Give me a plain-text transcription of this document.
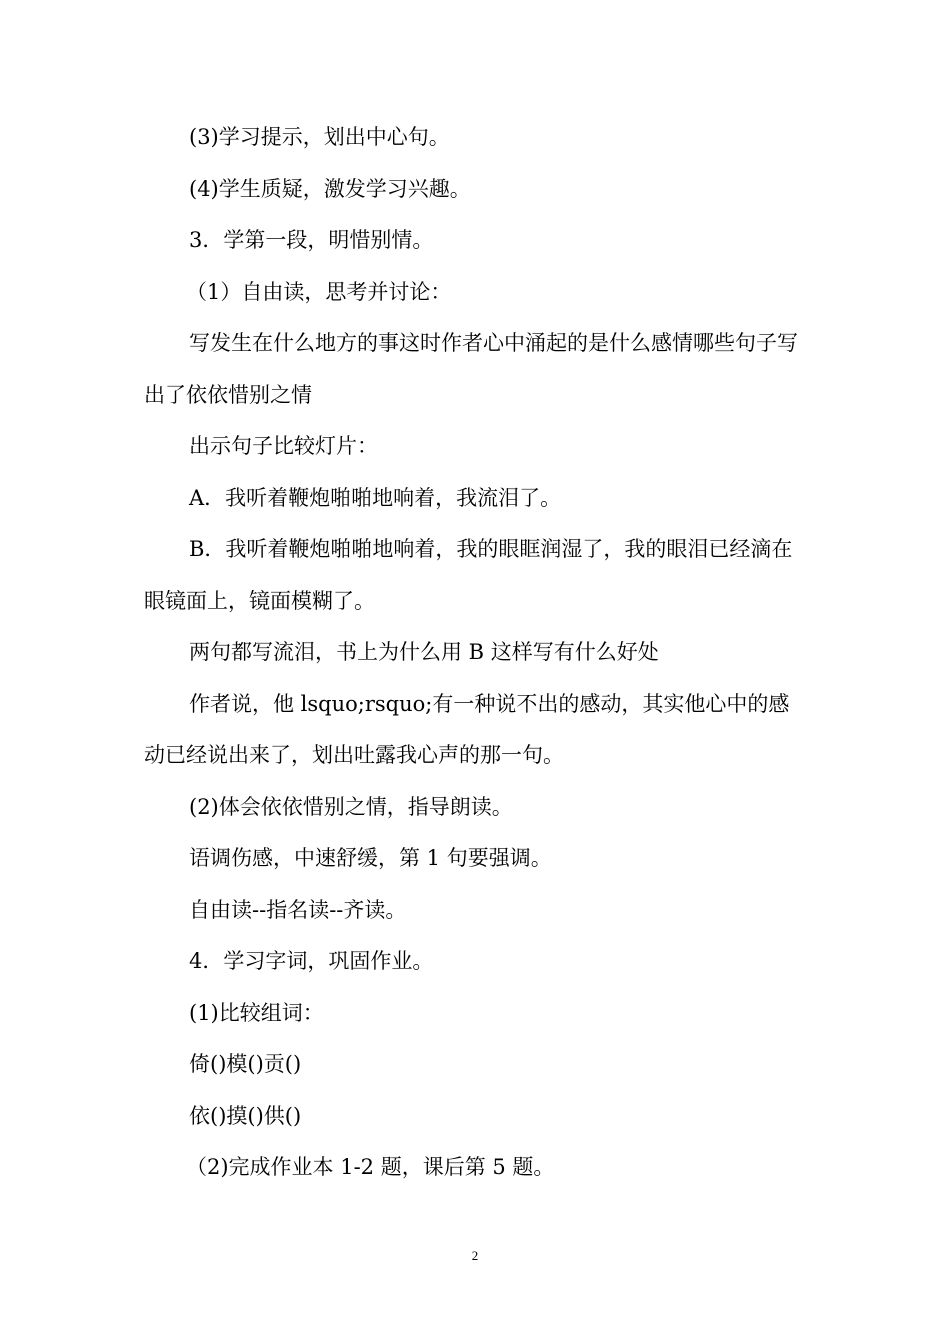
(3)学习提示，划出中心句。

(4)学生质疑，激发学习兴趣。

3．学第一段，明惜别情。

（1）自由读，思考并讨论：

写发生在什么地方的事这时作者心中涌起的是什么感情哪些句子写出了依依惜别之情

出示句子比较灯片：

A．我听着鞭炮啪啪地响着，我流泪了。

B．我听着鞭炮啪啪地响着，我的眼眶润湿了，我的眼泪已经滴在眼镜面上，镜面模糊了。

两句都写流泪，书上为什么用 B 这样写有什么好处

作者说，他 lsquo;rsquo;有一种说不出的感动，其实他心中的感动已经说出来了，划出吐露我心声的那一句。

(2)体会依依惜别之情，指导朗读。

语调伤感，中速舒缓，第 1 句要强调。

自由读--指名读--齐读。

4．学习字词，巩固作业。

(1)比较组词：

倚()模()贡()

依()摸()供()

（2)完成作业本 1-2 题，课后第 5 题。

2
